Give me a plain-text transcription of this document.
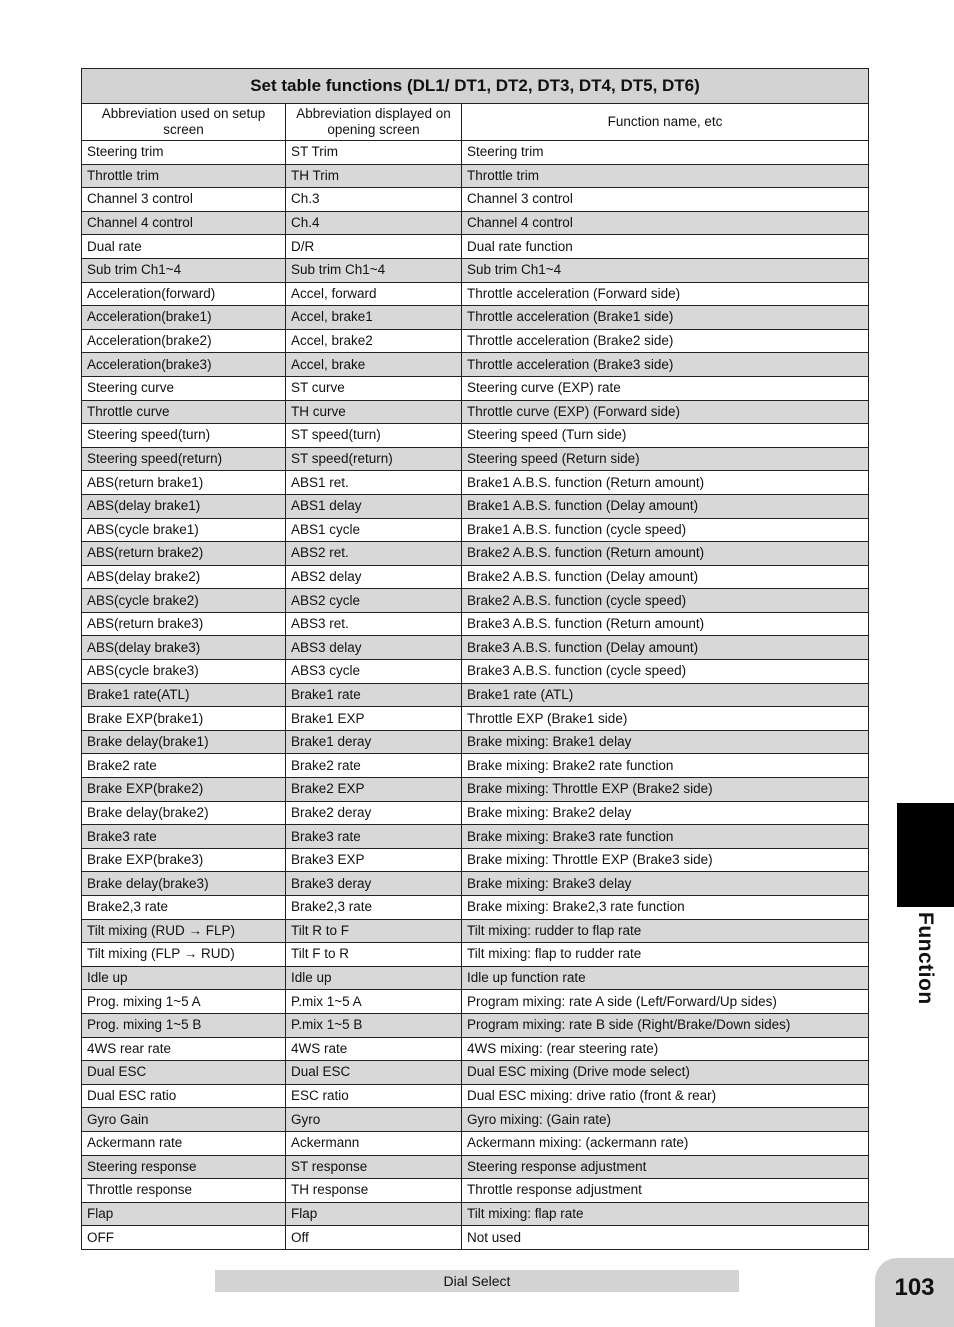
Set table functions (DL1/ DT1, DT2, DT3, DT4, DT5, DT6)		
Abbreviation used on setup screen	Abbreviation displayed on opening screen	Function name, etc
Steering trim	ST Trim	Steering trim
Throttle trim	TH Trim	Throttle trim
Channel 3 control	Ch.3	Channel 3 control
Channel 4 control	Ch.4	Channel 4 control
Dual rate	D/R	Dual rate function
Sub trim Ch1~4	Sub trim Ch1~4	Sub trim Ch1~4
Acceleration(forward)	Accel, forward	Throttle acceleration (Forward side)
Acceleration(brake1)	Accel, brake1	Throttle acceleration (Brake1 side)
Acceleration(brake2)	Accel, brake2	Throttle acceleration (Brake2 side)
Acceleration(brake3)	Accel, brake	Throttle acceleration (Brake3 side)
Steering curve	ST curve	Steering curve (EXP) rate
Throttle curve	TH curve	Throttle curve (EXP) (Forward side)
Steering speed(turn)	ST speed(turn)	Steering speed (Turn side)
Steering speed(return)	ST speed(return)	Steering speed (Return side)
ABS(return brake1)	ABS1 ret.	Brake1 A.B.S. function (Return amount)
ABS(delay brake1)	ABS1 delay	Brake1 A.B.S. function (Delay amount)
ABS(cycle brake1)	ABS1 cycle	Brake1 A.B.S. function (cycle speed)
ABS(return brake2)	ABS2 ret.	Brake2 A.B.S. function (Return amount)
ABS(delay brake2)	ABS2 delay	Brake2 A.B.S. function (Delay amount)
ABS(cycle brake2)	ABS2 cycle	Brake2 A.B.S. function (cycle speed)
ABS(return brake3)	ABS3 ret.	Brake3 A.B.S. function (Return amount)
ABS(delay brake3)	ABS3 delay	Brake3 A.B.S. function (Delay amount)
ABS(cycle brake3)	ABS3 cycle	Brake3 A.B.S. function (cycle speed)
Brake1 rate(ATL)	Brake1 rate	Brake1 rate (ATL)
Brake EXP(brake1)	Brake1 EXP	Throttle EXP (Brake1 side)
Brake delay(brake1)	Brake1 deray	Brake mixing: Brake1 delay
Brake2 rate	Brake2 rate	Brake mixing: Brake2 rate function
Brake EXP(brake2)	Brake2 EXP	Brake mixing: Throttle EXP (Brake2 side)
Brake delay(brake2)	Brake2 deray	Brake mixing: Brake2 delay
Brake3 rate	Brake3 rate	Brake mixing: Brake3 rate function
Brake EXP(brake3)	Brake3 EXP	Brake mixing: Throttle EXP (Brake3 side)
Brake delay(brake3)	Brake3 deray	Brake mixing: Brake3 delay
Brake2,3 rate	Brake2,3 rate	Brake mixing: Brake2,3 rate function
Tilt mixing (RUD → FLP)	Tilt R to F	Tilt mixing: rudder to flap rate
Tilt mixing (FLP → RUD)	Tilt F to R	Tilt mixing: flap to rudder rate
Idle up	Idle up	Idle up function rate
Prog. mixing 1~5 A	P.mix 1~5 A	Program mixing: rate A side (Left/Forward/Up sides)
Prog. mixing 1~5 B	P.mix 1~5 B	Program mixing: rate B side (Right/Brake/Down sides)
4WS rear rate	4WS rate	4WS mixing: (rear steering rate)
Dual ESC	Dual ESC	Dual ESC mixing (Drive mode select)
Dual ESC ratio	ESC ratio	Dual ESC mixing: drive ratio (front & rear)
Gyro Gain	Gyro	Gyro mixing: (Gain rate)
Ackermann rate	Ackermann	Ackermann mixing: (ackermann rate)
Steering response	ST response	Steering response adjustment
Throttle response	TH response	Throttle response adjustment
Flap	Flap	Tilt mixing: flap rate
OFF	Off	Not used
Function
Dial Select	103
